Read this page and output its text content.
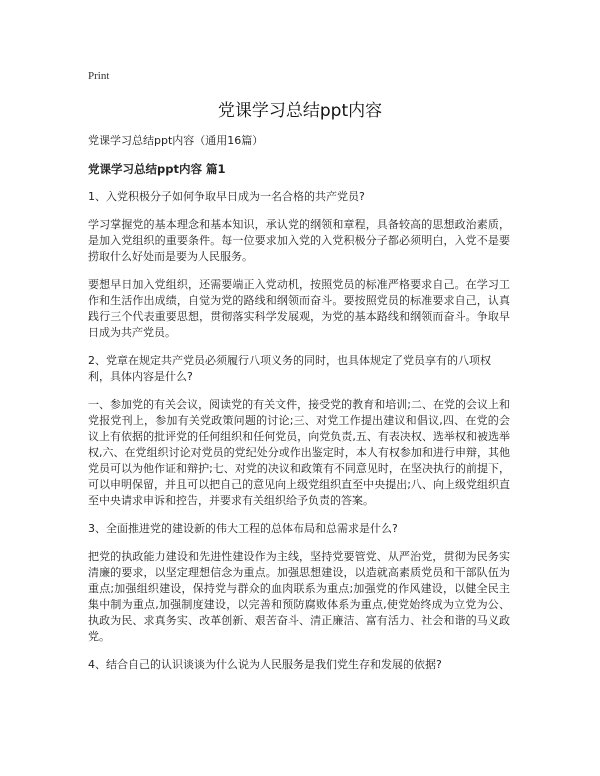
Print
党课学习总结ppt内容

党课学习总结ppt内容（通用16篇）

党课学习总结ppt内容 篇1

1、入党积极分子如何争取早日成为一名合格的共产党员?

学习掌握党的基本理念和基本知识，承认党的纲领和章程，具备较高的思想政治素质，是加入党组织的重要条件。每一位要求加入党的入党积极分子都必须明白，入党不是要捞取什么好处而是要为人民服务。

要想早日加入党组织，还需要端正入党动机，按照党员的标准严格要求自己。在学习工作和生活作出成绩，自觉为党的路线和纲领而奋斗。要按照党员的标准要求自己，认真践行三个代表重要思想，贯彻落实科学发展观，为党的基本路线和纲领而奋斗。争取早日成为共产党员。

2、党章在规定共产党员必须履行八项义务的同时，也具体规定了党员享有的八项权利，具体内容是什么?

一、参加党的有关会议，阅读党的有关文件，接受党的教育和培训;二、在党的会议上和党报党刊上，参加有关党政策问题的讨论;三、对党工作提出建议和倡议,四、在党的会议上有依据的批评党的任何组织和任何党员，向党负责,五、有表决权、选举权和被选举权,六、在党组织讨论对党员的党纪处分或作出鉴定时，本人有权参加和进行申辩，其他党员可以为他作证和辩护;七、对党的决议和政策有不同意见时，在坚决执行的前提下，可以申明保留，并且可以把自己的意见向上级党组织直至中央提出;八、向上级党组织直至中央请求申诉和控告，并要求有关组织给予负责的答案。

3、全面推进党的建设新的伟大工程的总体布局和总需求是什么?

把党的执政能力建设和先进性建设作为主线，坚持党要管党、从严治党，贯彻为民务实清廉的要求，以坚定理想信念为重点。加强思想建设，以造就高素质党员和干部队伍为重点;加强组织建设，保持党与群众的血肉联系为重点;加强党的作风建设，以健全民主集中制为重点,加强制度建设，以完善和预防腐败体系为重点,使党始终成为立党为公、执政为民、求真务实、改革创新、艰苦奋斗、清正廉洁、富有活力、社会和谐的马义政党。

4、结合自己的认识谈谈为什么说为人民服务是我们党生存和发展的依据?
